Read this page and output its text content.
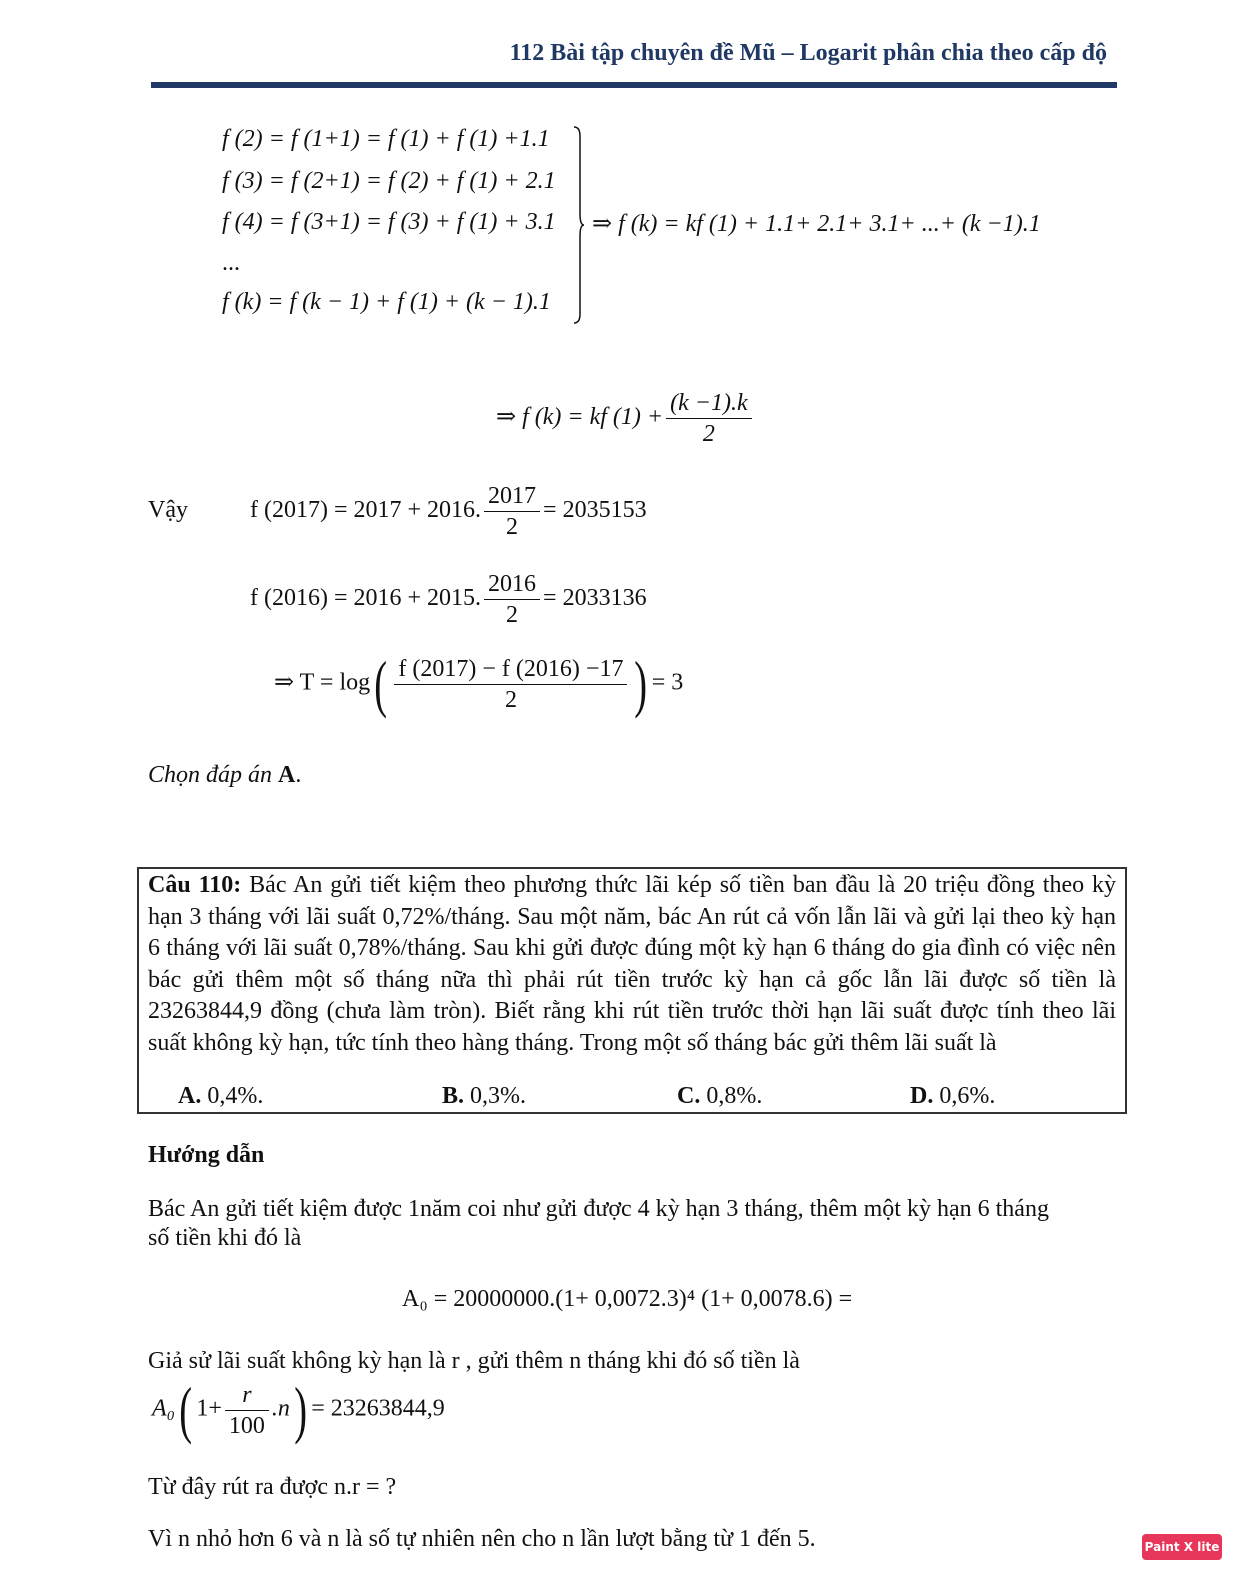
112 Bài tập chuyên đề Mũ – Logarit phân chia theo cấp độ
f (2) = f (1+1) = f (1) + f (1) +1.1
f (3) = f (2+1) = f (2) + f (1) + 2.1
f (4) = f (3+1) = f (3) + f (1) + 3.1
...
f (k) = f (k − 1) + f (1) + (k − 1).1
⇒ f (k) = kf (1) + 1.1+ 2.1+ 3.1+ ...+ (k −1).1
⇒ f (k) = kf $(1) + \frac{(k -1).k}{2}$
Vậy	f (2017) = 2017 + 2016. $\frac{2017}{2} = 2035153$
f (2016) = 2016 + 2015. $\frac{2016}{2} = 2033136$
⇒ $T = \log( \frac{f (2017) - f (2016) -17}{2}$ ) = 3
Chọn đáp án A.
Câu 110: Bác An gửi tiết kiệm theo phương thức lãi kép số tiền ban đầu là 20 triệu đồng theo kỳ hạn 3 tháng với lãi suất 0,72%/tháng. Sau một năm, bác An rút cả vốn lẫn lãi và gửi lại theo kỳ hạn 6 tháng với lãi suất 0,78%/tháng. Sau khi gửi được đúng một kỳ hạn 6 tháng do gia đình có việc nên bác gửi thêm một số tháng nữa thì phải rút tiền trước kỳ hạn cả gốc lẫn lãi được số tiền là 23263844,9 đồng (chưa làm tròn). Biết rằng khi rút tiền trước thời hạn lãi suất được tính theo lãi suất không kỳ hạn, tức tính theo hàng tháng. Trong một số tháng bác gửi thêm lãi suất là
A. 0,4%.	B. 0,3%.	C. 0,8%.	D. 0,6%.
Hướng dẫn
Bác An gửi tiết kiệm được 1năm coi như gửi được 4 kỳ hạn 3 tháng, thêm một kỳ hạn 6 tháng
số tiền khi đó là
A₀ = 20000000.(1+ 0,0072.3)⁴ (1+ 0,0078.6) =
Giả sử lãi suất không kỳ hạn là r , gửi thêm n tháng khi đó số tiền là
A₀( $1+ \frac{r}{100} .n) = 23263844,9$
Từ đây rút ra được n.r = ?
Vì n nhỏ hơn 6 và n là số tự nhiên nên cho n lần lượt bằng từ 1 đến 5.	Paint X lite
